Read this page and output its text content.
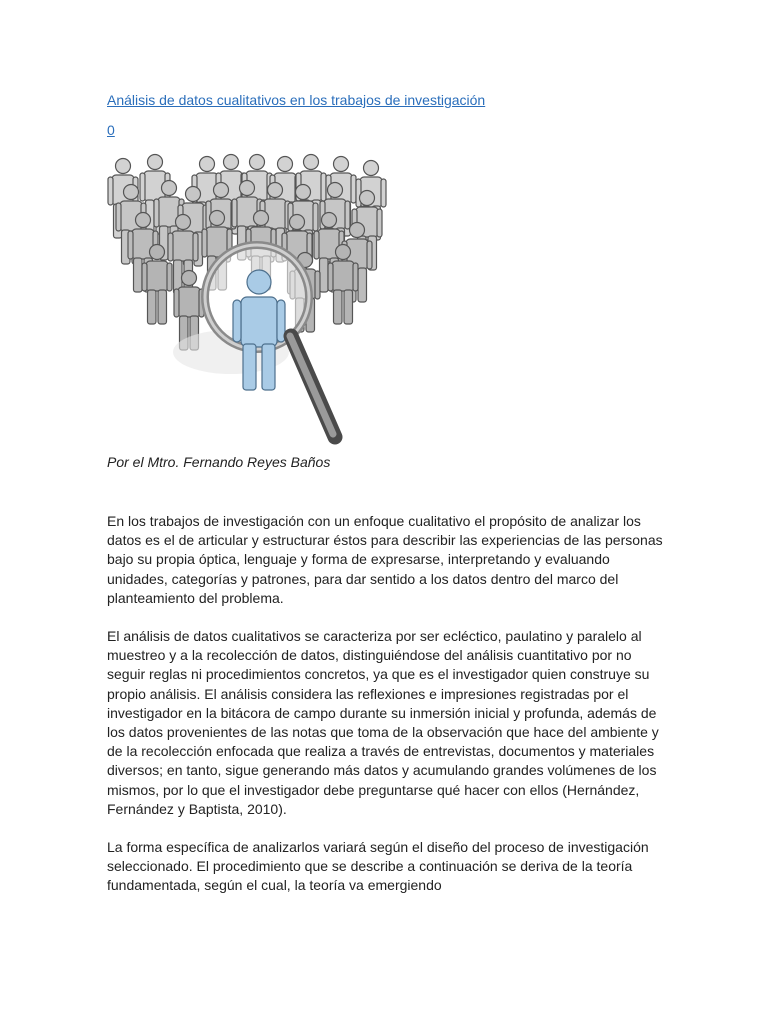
Análisis de datos cualitativos en los trabajos de investigación
0
Por el Mtro. Fernando Reyes Baños

En los trabajos de investigación con un enfoque cualitativo el propósito de analizar los datos es el de articular y estructurar éstos para describir las experiencias de las personas bajo su propia óptica, lenguaje y forma de expresarse, interpretando y evaluando unidades, categorías y patrones, para dar sentido a los datos dentro del marco del planteamiento del problema.

El análisis de datos cualitativos se caracteriza por ser ecléctico, paulatino y paralelo al muestreo y a la recolección de datos, distinguiéndose del análisis cuantitativo por no seguir reglas ni procedimientos concretos, ya que es el investigador quien construye su propio análisis. El análisis considera las reflexiones e impresiones registradas por el investigador en la bitácora de campo durante su inmersión inicial y profunda, además de los datos provenientes de las notas que toma de la observación que hace del ambiente y de la recolección enfocada que realiza a través de entrevistas, documentos y materiales diversos; en tanto, sigue generando más datos y acumulando grandes volúmenes de los mismos, por lo que el investigador debe preguntarse qué hacer con ellos (Hernández, Fernández y Baptista, 2010).

La forma específica de analizarlos variará según el diseño del proceso de investigación seleccionado. El procedimiento que se describe a continuación se deriva de la teoría fundamentada, según el cual, la teoría va emergiendo
